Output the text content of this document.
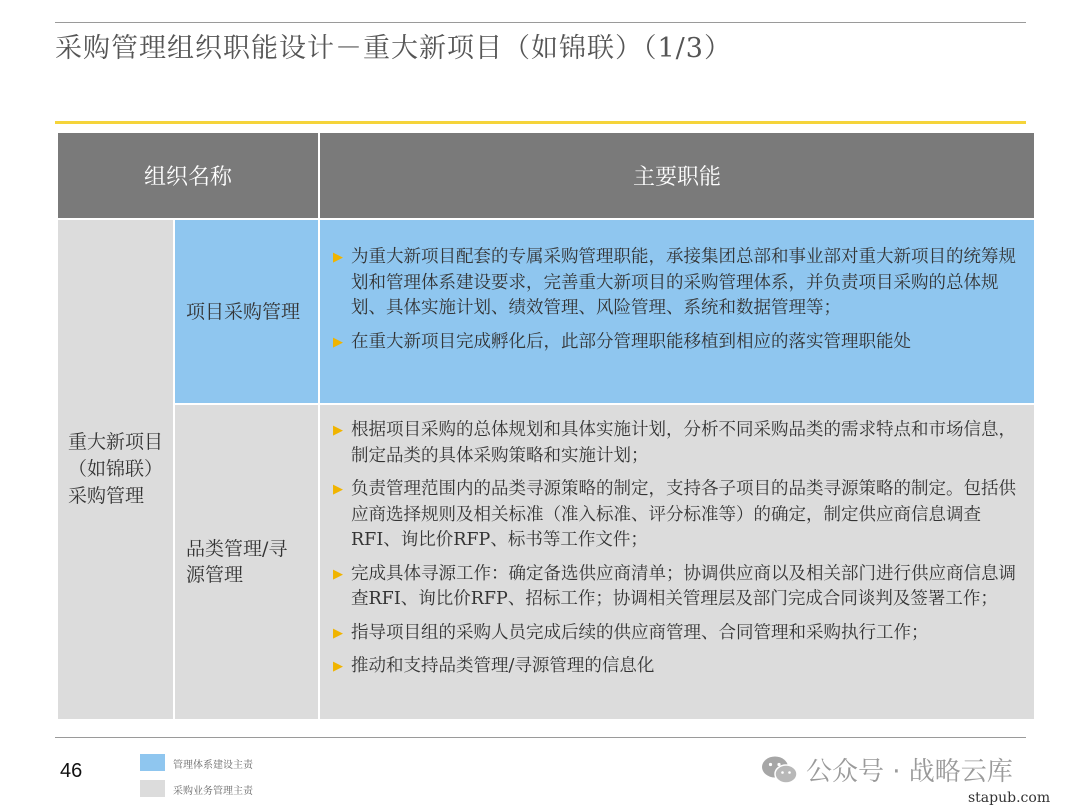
采购管理组织职能设计－重大新项目（如锦联）（1/3）
组织名称	主要职能
重大新项目（如锦联）采购管理
项目采购管理
▶ 为重大新项目配套的专属采购管理职能，承接集团总部和事业部对重大新项目的统筹规划和管理体系建设要求，完善重大新项目的采购管理体系，并负责项目采购的总体规划、具体实施计划、绩效管理、风险管理、系统和数据管理等；
▶ 在重大新项目完成孵化后，此部分管理职能移植到相应的落实管理职能处
品类管理/寻源管理
▶ 根据项目采购的总体规划和具体实施计划，分析不同采购品类的需求特点和市场信息，制定品类的具体采购策略和实施计划；
▶ 负责管理范围内的品类寻源策略的制定，支持各子项目的品类寻源策略的制定。包括供应商选择规则及相关标准（准入标准、评分标准等）的确定，制定供应商信息调查RFI、询比价RFP、标书等工作文件；
▶ 完成具体寻源工作：确定备选供应商清单；协调供应商以及相关部门进行供应商信息调查RFI、询比价RFP、招标工作；协调相关管理层及部门完成合同谈判及签署工作；
▶ 指导项目组的采购人员完成后续的供应商管理、合同管理和采购执行工作；
▶ 推动和支持品类管理/寻源管理的信息化
46	管理体系建设主责
采购业务管理主责
公众号 · 战略云库
stapub.com
